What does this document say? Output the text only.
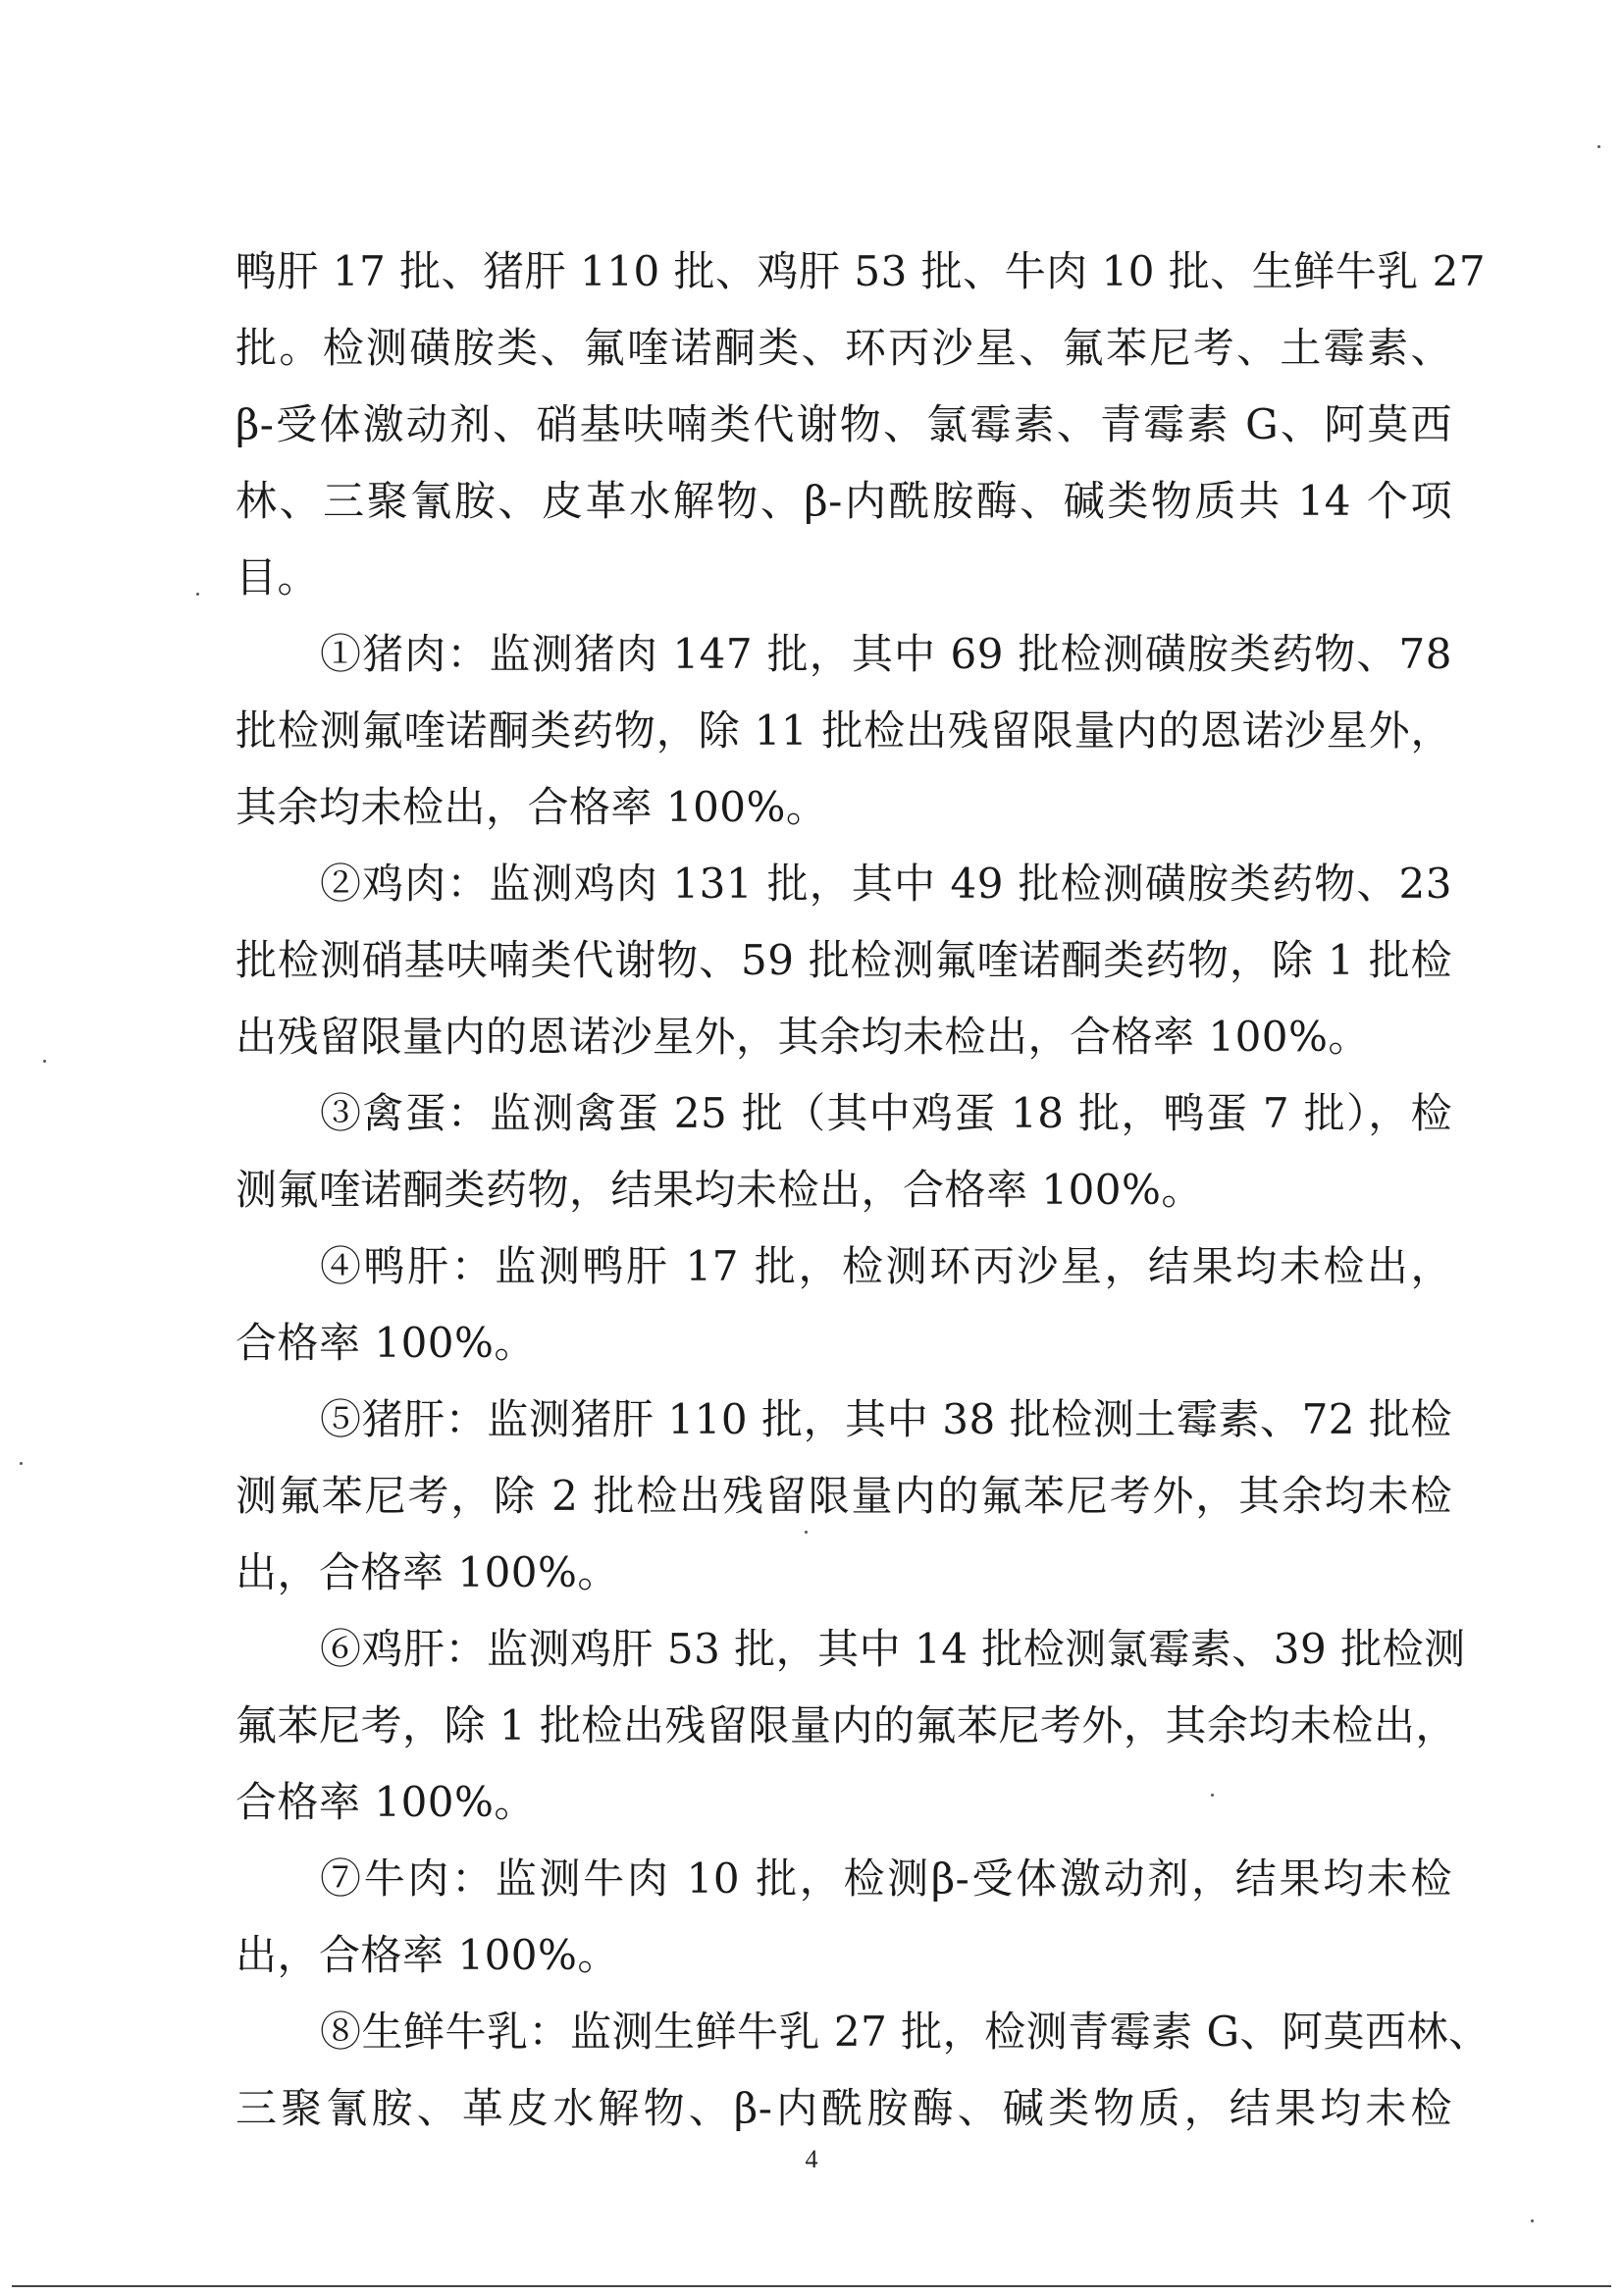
鸭肝 17 批、猪肝 110 批、鸡肝 53 批、牛肉 10 批、生鲜牛乳 27
批。检测磺胺类、氟喹诺酮类、环丙沙星、氟苯尼考、土霉素、
β-受体激动剂、硝基呋喃类代谢物、氯霉素、青霉素 G、阿莫西
林、三聚氰胺、皮革水解物、β-内酰胺酶、碱类物质共 14 个项
目。
①猪肉：监测猪肉 147 批，其中 69 批检测磺胺类药物、78
批检测氟喹诺酮类药物，除 11 批检出残留限量内的恩诺沙星外，
其余均未检出，合格率 100%。
②鸡肉：监测鸡肉 131 批，其中 49 批检测磺胺类药物、23
批检测硝基呋喃类代谢物、59 批检测氟喹诺酮类药物，除 1 批检
出残留限量内的恩诺沙星外，其余均未检出，合格率 100%。
③禽蛋：监测禽蛋 25 批（其中鸡蛋 18 批，鸭蛋 7 批），检
测氟喹诺酮类药物，结果均未检出，合格率 100%。
④鸭肝：监测鸭肝 17 批，检测环丙沙星，结果均未检出，
合格率 100%。
⑤猪肝：监测猪肝 110 批，其中 38 批检测土霉素、72 批检
测氟苯尼考，除 2 批检出残留限量内的氟苯尼考外，其余均未检
出，合格率 100%。
⑥鸡肝：监测鸡肝 53 批，其中 14 批检测氯霉素、39 批检测
氟苯尼考，除 1 批检出残留限量内的氟苯尼考外，其余均未检出，
合格率 100%。
⑦牛肉：监测牛肉 10 批，检测β-受体激动剂，结果均未检
出，合格率 100%。
⑧生鲜牛乳：监测生鲜牛乳 27 批，检测青霉素 G、阿莫西林、
三聚氰胺、革皮水解物、β-内酰胺酶、碱类物质，结果均未检
4
